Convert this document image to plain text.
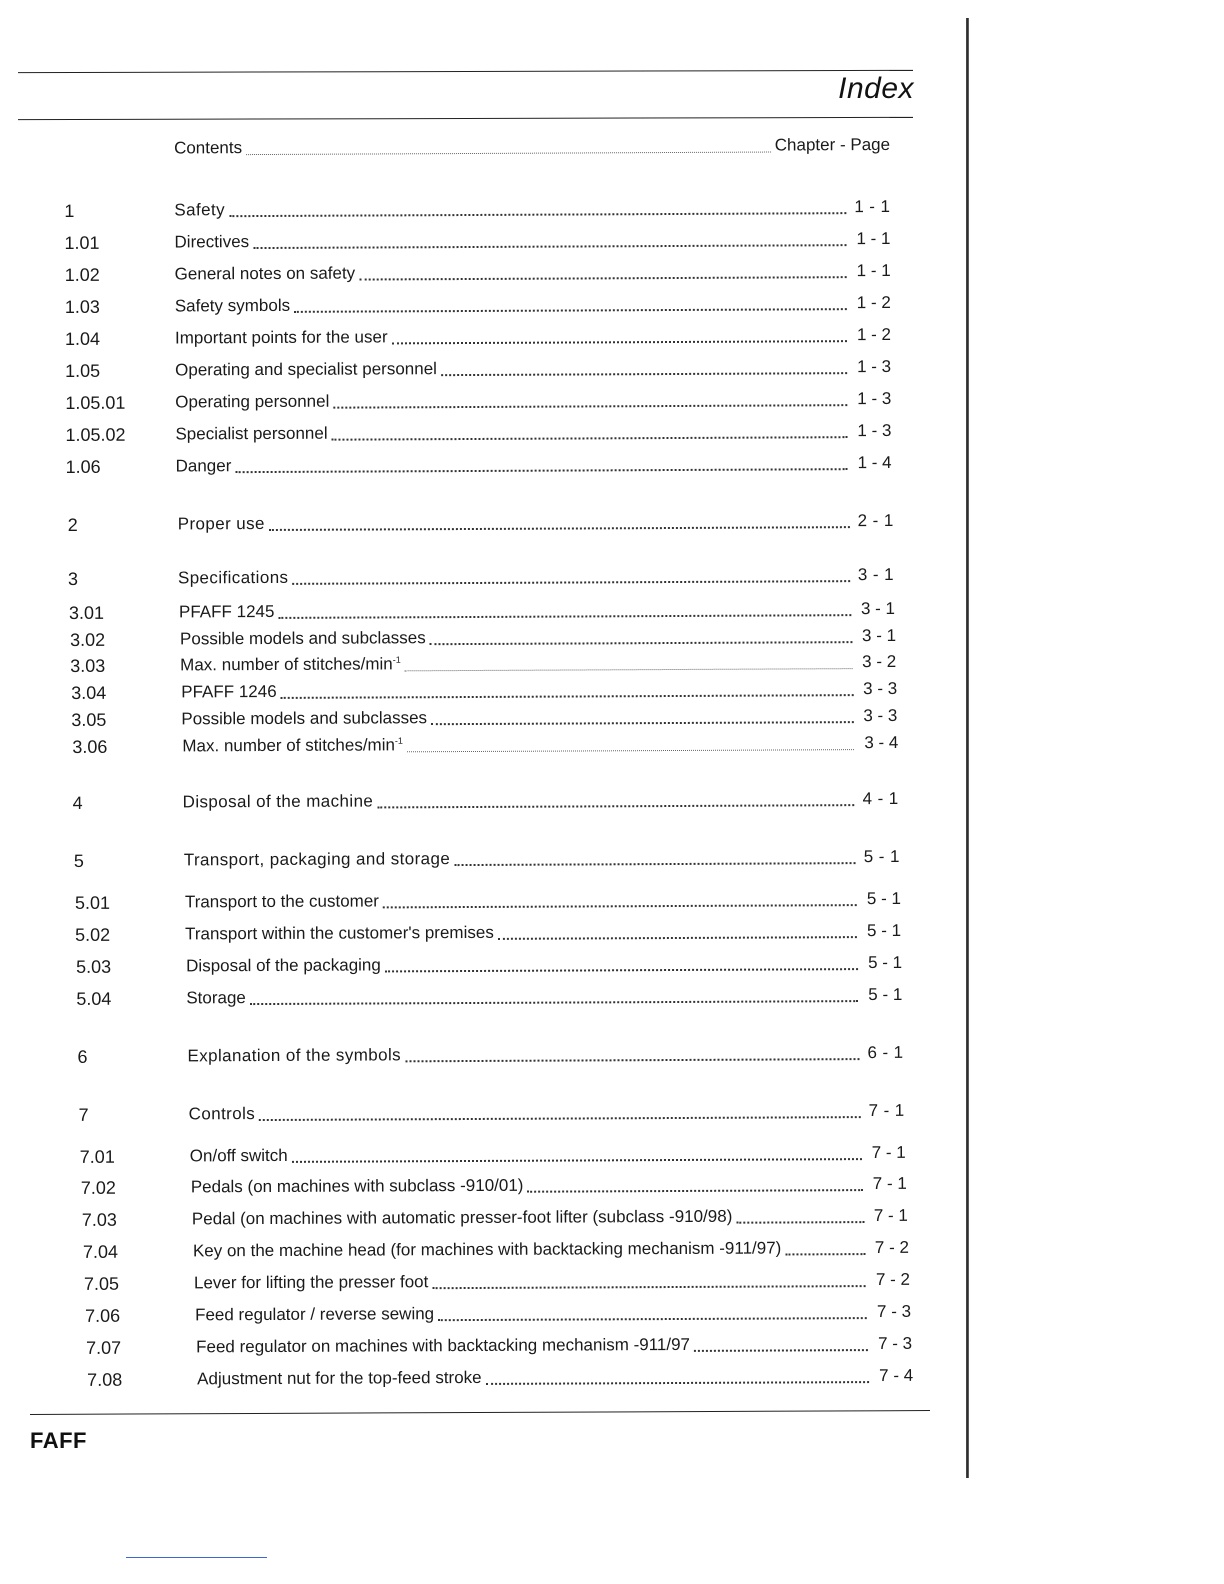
Index
Contents	Chapter - Page
1	Safety	1 - 1
1.01	Directives	1 - 1
1.02	General notes on safety	1 - 1
1.03	Safety symbols	1 - 2
1.04	Important points for the user	1 - 2
1.05	Operating and specialist personnel	1 - 3
1.05.01	Operating personnel	1 - 3
1.05.02	Specialist personnel	1 - 3
1.06	Danger	1 - 4
2	Proper use	2 - 1
3	Specifications	3 - 1
3.01	PFAFF 1245	3 - 1
3.02	Possible models and subclasses	3 - 1
3.03	Max. number of stitches/$\min^{-1}$	3 - 2
3.04	PFAFF 1246	3 - 3
3.05	Possible models and subclasses	3 - 3
3.06	Max. number of stitches/$\min^{-1}$	3 - 4
4	Disposal of the machine	4 - 1
5	Transport, packaging and storage	5 - 1
5.01	Transport to the customer	5 - 1
5.02	Transport within the customer's premises	5 - 1
5.03	Disposal of the packaging	5 - 1
5.04	Storage	5 - 1
6	Explanation of the symbols	6 - 1
7	Controls	7 - 1
7.01	On/off switch	7 - 1
7.02	Pedals (on machines with subclass -910/01)	7 - 1
7.03	Pedal (on machines with automatic presser-foot lifter (subclass -910/98)	7 - 1
7.04	Key on the machine head (for machines with backtacking mechanism -911/97)	7 - 2
7.05	Lever for lifting the presser foot	7 - 2
7.06	Feed regulator / reverse sewing	7 - 3
7.07	Feed regulator on machines with backtacking mechanism -911/97	7 - 3
7.08	Adjustment nut for the top-feed stroke	7 - 4
FAFF
